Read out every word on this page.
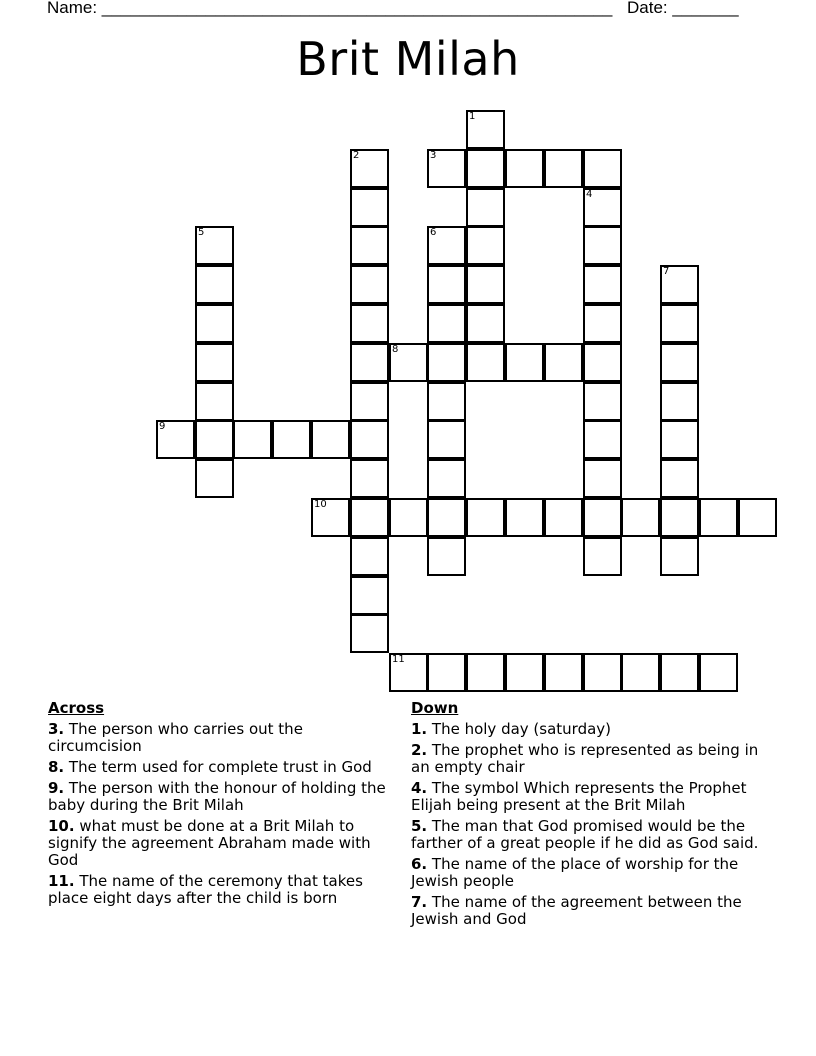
Name: ______________________________________________________ Date: _______
Brit Milah
1
2	3
4
5	6
7
8
9
10
11
Across
3. The person who carries out the circumcision
8. The term used for complete trust in God
9. The person with the honour of holding the baby during the Brit Milah
10. what must be done at a Brit Milah to signify the agreement Abraham made with God
11. The name of the ceremony that takes place eight days after the child is born
Down
1. The holy day (saturday)
2. The prophet who is represented as being in an empty chair
4. The symbol Which represents the Prophet Elijah being present at the Brit Milah
5. The man that God promised would be the farther of a great people if he did as God said.
6. The name of the place of worship for the Jewish people
7. The name of the agreement between the Jewish and God
